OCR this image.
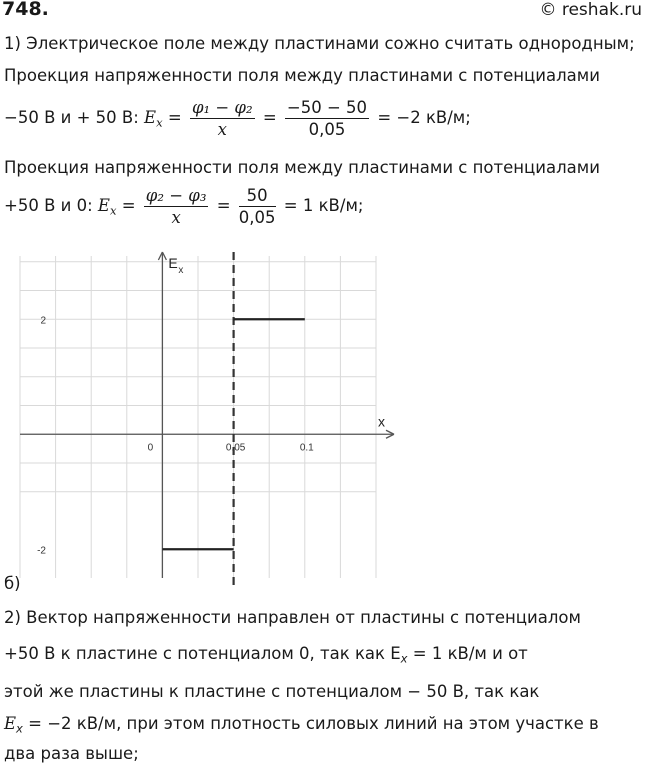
748.	© reshak.ru
1) Электрическое поле между пластинами сожно считать однородным;
Проекция напряженности поля между пластинами с потенциалами
−50 В и + 50 В: $E_x = \frac{\text{φ₁ − φ₂}}{x} = \frac{-50 - 50}{0,05} = -2$ кВ/м;
Проекция напряженности поля между пластинами с потенциалами
+50 В и 0: $E_x = \frac{\text{φ₂ − φ₃}}{x} = \frac{50}{0,05} = 1$ кВ/м;
0	0.05	0.1
2
-2
x
E x
б)
2) Вектор напряженности направлен от пластины с потенциалом
+50 В к пластине с потенциалом 0, так как $E_x = 1$ кВ/м и от
этой же пластины к пластине с потенциалом − 50 В, так как
$E_x = -2$ кВ/м, при этом плотность силовых линий на этом участке в
два раза выше;
